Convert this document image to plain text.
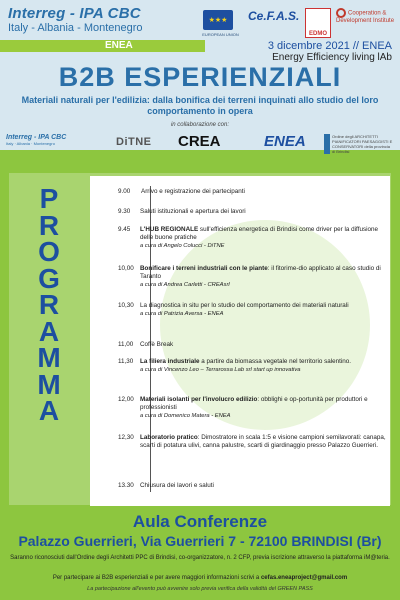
Interreg - IPA CBC
Italy - Albania - Montenegro
★★★
EUROPEAN UNION
Ce.F.A.S.
EDMO
Cooperation & Development Institute
ENEA	3 dicembre 2021 // ENEA
Energy Efficiency living lAb
B2B ESPERIENZIALI
Materiali naturali per l'edilizia: dalla bonifica dei terreni inquinati allo studio del loro comportamento in opera
in collaborazione con:
Interreg - IPA CBC
Italy · Albania · Montenegro	DiTNE CREA	ENEA	Ordine degli ARCHITETTI PIANIFICATORI PAESAGGISTI E CONSERVATORI della provincia di Brindisi
P
R
O
G
R
A
M
M
A
9.00	Arrivo e registrazione dei partecipanti
9.30	Saluti istituzionali e apertura dei lavori
9.45	L'HUB REGIONALE sull'efficienza energetica di Brindisi come driver per la diffusione delle buone pratiche
a cura di Angelo Colucci - DiTNE
10,00 Bonificare i terreni industriali con le piante: il fitorime-dio applicato al caso studio di Taranto
a cura di Andrea Carletti - CREAsrl
10,30 La diagnostica in situ per lo studio del comportamento dei materiali naturali
a cura di Patrizia Aversa - ENEA
11,00	Coffè Break
11,30	La filiera industriale a partire da biomassa vegetale nel territorio salentino.
a cura di Vincenzo Leo – Terrarossa Lab srl start up innovativa
12,00 Materiali isolanti per l'involucro edilizio: obblighi e op-portunità per produttori e professionisti
a cura di Domenico Matera - ENEA
12,30 Laboratorio pratico: Dimostratore in scala 1:5 e visione campioni semilavorati: canapa, scarti di potatura ulivi, canna palustre, scarti di giardinaggio presso Palazzo Guerrieri.
13.30 Chiusura dei lavori e saluti
Aula Conferenze
Palazzo Guerrieri, Via Guerrieri 7 - 72100 BRINDISI (Br)
Saranno riconosciuti dall'Ordine degli Architetti PPC di Brindisi, co-organizzatore, n. 2 CFP, previa iscrizione attraverso la piattaforma iM@teria.
Per partecipare ai B2B esperienziali e per avere maggiori informazioni scrivi a cefas.eneaproject@gmail.com
La partecipazione all'evento può avvenire solo previa verifica della validità del GREEN PASS
